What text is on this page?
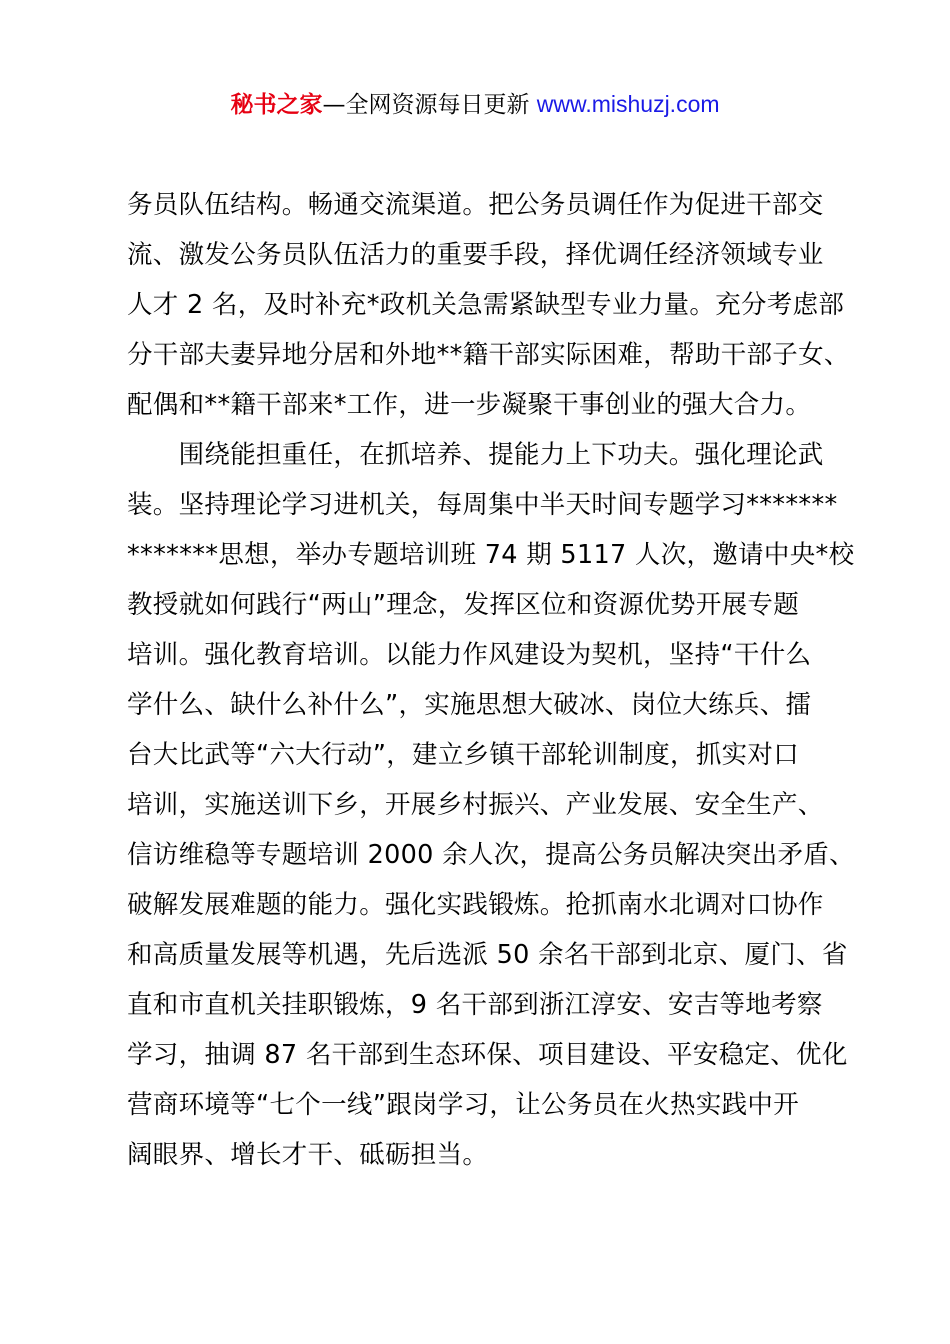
秘书之家—全网资源每日更新 www.mishuzj.com
务员队伍结构。畅通交流渠道。把公务员调任作为促进干部交
流、激发公务员队伍活力的重要手段，择优调任经济领域专业
人才 2 名，及时补充*政机关急需紧缺型专业力量。充分考虑部
分干部夫妻异地分居和外地**籍干部实际困难，帮助干部子女、
配偶和**籍干部来*工作，进一步凝聚干事创业的强大合力。
　　围绕能担重任，在抓培养、提能力上下功夫。强化理论武
装。坚持理论学习进机关，每周集中半天时间专题学习*******
*******思想，举办专题培训班 74 期 5117 人次，邀请中央*校
教授就如何践行“两山”理念，发挥区位和资源优势开展专题
培训。强化教育培训。以能力作风建设为契机，坚持“干什么
学什么、缺什么补什么”，实施思想大破冰、岗位大练兵、擂
台大比武等“六大行动”，建立乡镇干部轮训制度，抓实对口
培训，实施送训下乡，开展乡村振兴、产业发展、安全生产、
信访维稳等专题培训 2000 余人次，提高公务员解决突出矛盾、
破解发展难题的能力。强化实践锻炼。抢抓南水北调对口协作
和高质量发展等机遇，先后选派 50 余名干部到北京、厦门、省
直和市直机关挂职锻炼，9 名干部到浙江淳安、安吉等地考察
学习，抽调 87 名干部到生态环保、项目建设、平安稳定、优化
营商环境等“七个一线”跟岗学习，让公务员在火热实践中开
阔眼界、增长才干、砥砺担当。
